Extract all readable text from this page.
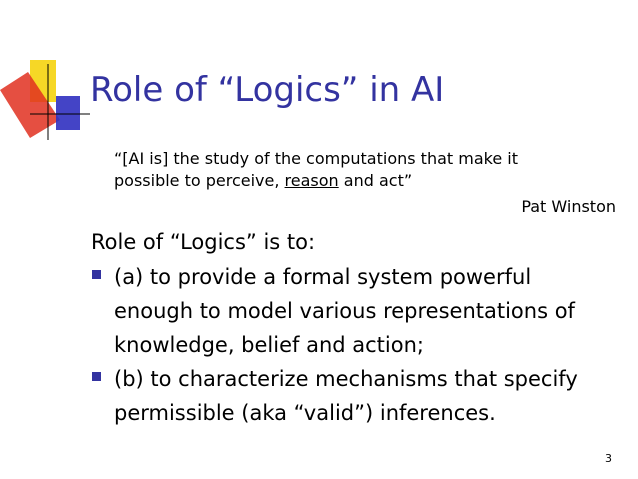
Role of “Logics” in AI
“[AI is] the study of the computations that make it
possible to perceive, reason and act”
Pat Winston
Role of “Logics” is to:
(a) to provide a formal system powerful
enough to model various representations of
knowledge, belief and action;
(b) to characterize mechanisms that specify
permissible (aka “valid”) inferences.
3
